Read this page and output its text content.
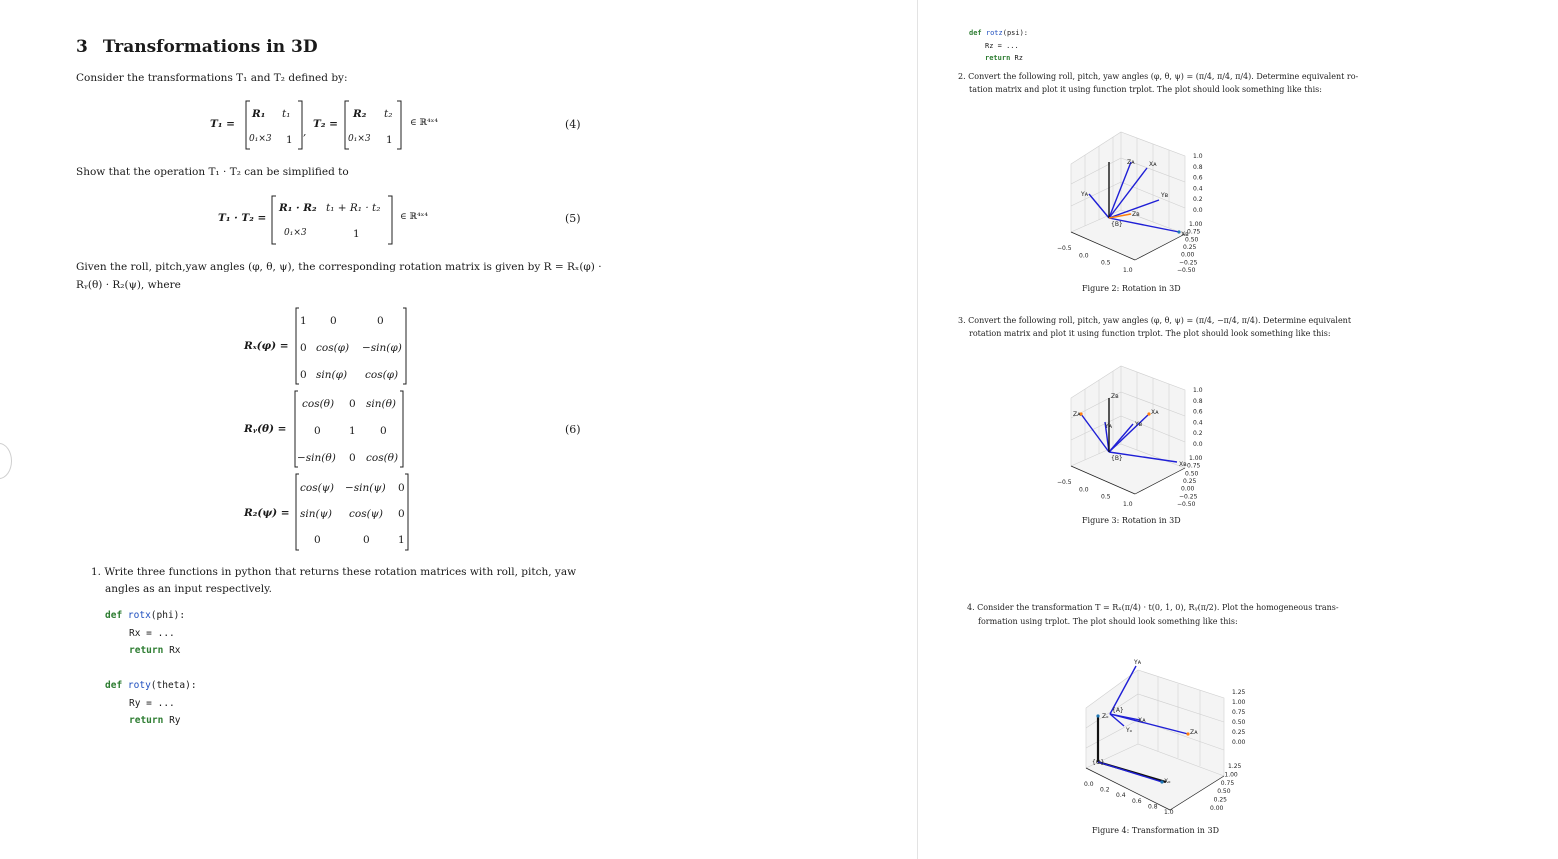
3 Transformations in 3D
Consider the transformations T₁ and T₂ defined by:
T₁ =
R₁ t₁
0₁×3 1
,
T₂ =
R₂ t₂
0₁×3 1
∈ ℝ⁴ˣ⁴	(4)
Show that the operation T₁ · T₂ can be simplified to
T₁ · T₂ =
R₁ · R₂ t₁ + R₁ · t₂
0₁×3	1
∈ ℝ⁴ˣ⁴	(5)
Given the roll, pitch,yaw angles (φ, θ, ψ), the corresponding rotation matrix is given by R = Rₓ(φ) ·
Rᵧ(θ) · R₂(ψ), where
Rₓ(φ) =
1 0	0
0 cos(φ) −sin(φ)
0 sin(φ) cos(φ)
Rᵧ(θ) =
cos(θ) 0 sin(θ)
0	1 0
−sin(θ) 0 cos(θ)
(6)
R₂(ψ) =
cos(ψ) −sin(ψ) 0
sin(ψ) cos(ψ) 0
0	0	1
1. Write three functions in python that returns these rotation matrices with roll, pitch, yaw
angles as an input respectively.
def rotx(phi):
Rx = ...
return Rx
def roty(theta):
Ry = ...
return Ry
def rotz(psi):
Rz = ...
return Rz
2. Convert the following roll, pitch, yaw angles (φ, θ, ψ) = (π/4, π/4, π/4). Determine equivalent ro-
tation matrix and plot it using function trplot. The plot should look something like this:
{B}
Xʙ
Yʙ
Zʙ
Xᴀ
Yᴀ
Zᴀ
1.0
0.8
0.6
0.4
0.2
0.0
1.00
0.75
0.50
0.25
0.00
−0.25
−0.50
−0.5
0.0
0.5
1.0
Figure 2: Rotation in 3D
3. Convert the following roll, pitch, yaw angles (φ, θ, ψ) = (π/4, −π/4, π/4). Determine equivalent
rotation matrix and plot it using function trplot. The plot should look something like this:
{B}
Xʙ
Yʙ
Zʙ
Xᴀ
Yᴀ
Zᴀ
1.0
0.8
0.6
0.4
0.2
0.0
1.00
0.75
0.50
0.25
0.00
−0.25
−0.50
−0.5
0.0
0.5
1.0
Figure 3: Rotation in 3D
4. Consider the transformation T = Rₓ(π/4) · t(0, 1, 0), Rᵧ(π/2). Plot the homogeneous trans-
formation using trplot. The plot should look something like this:
{O}
{A}
Xₒ
Yₒ
Zₒ
Xᴀ
Yᴀ
Zᴀ
1.25
1.00
0.75
0.50
0.25
0.00
1.25
1.00
0.75
0.50
0.25
0.00
0.0
0.2
0.4
0.6
0.8
1.0
Figure 4: Transformation in 3D
